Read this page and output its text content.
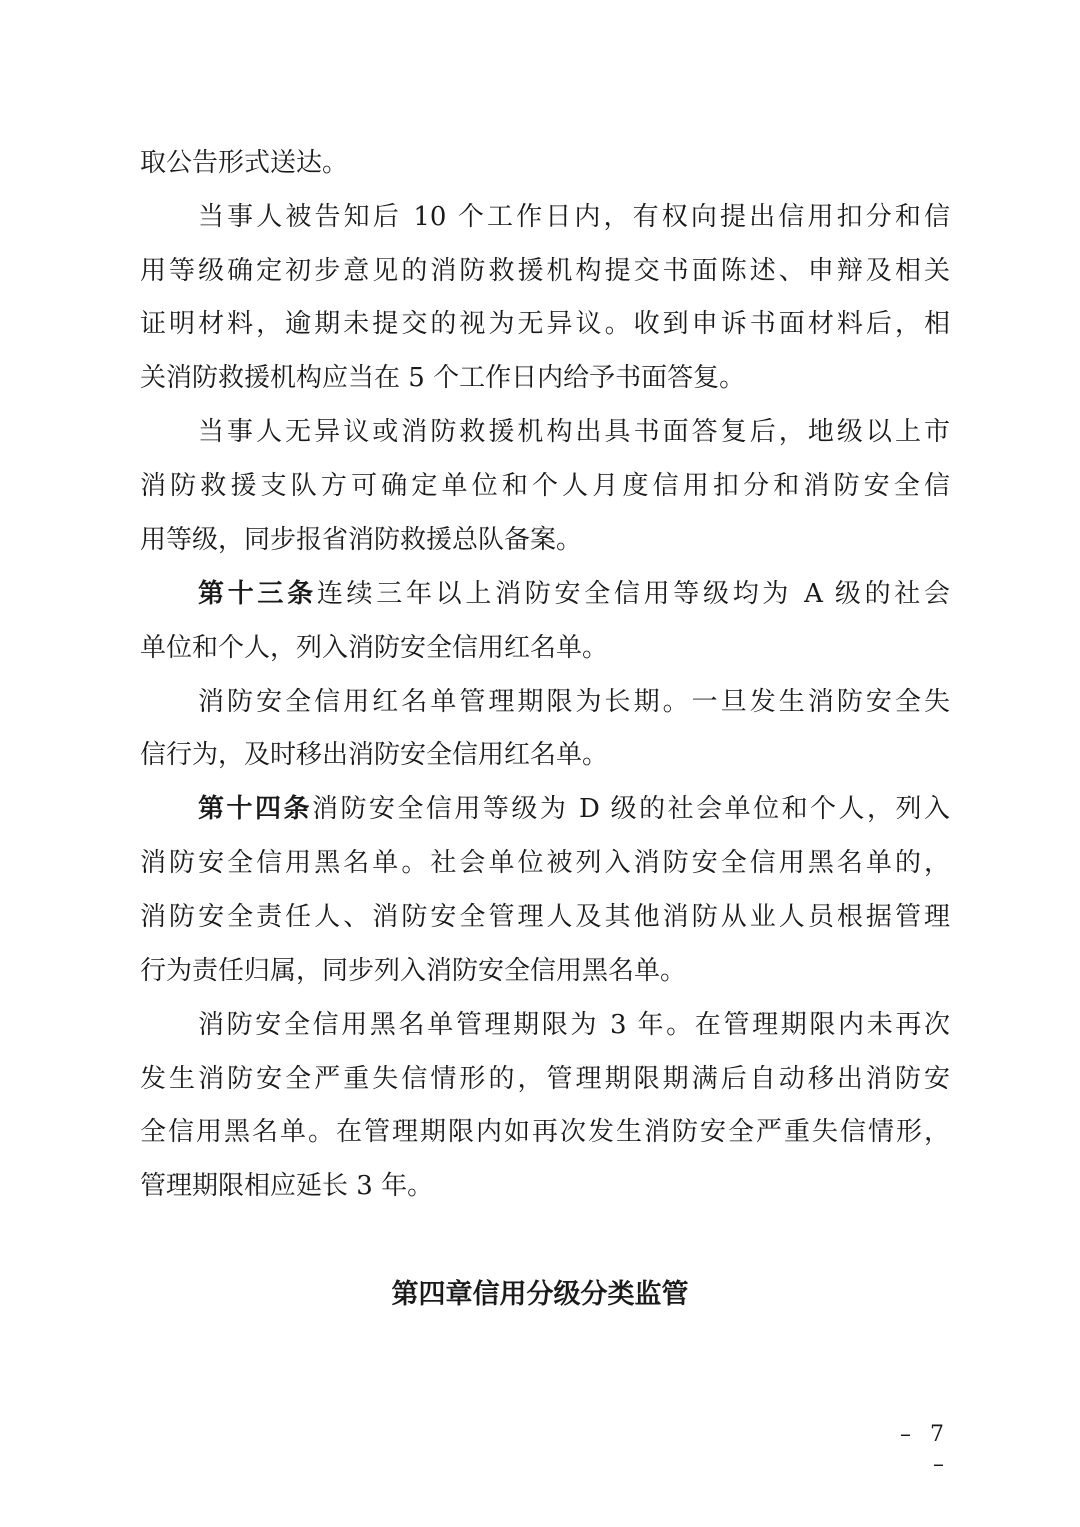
取公告形式送达。
当事人被告知后 10 个工作日内，有权向提出信用扣分和信
用等级确定初步意见的消防救援机构提交书面陈述、申辩及相关
证明材料，逾期未提交的视为无异议。收到申诉书面材料后，相
关消防救援机构应当在 5 个工作日内给予书面答复。
当事人无异议或消防救援机构出具书面答复后，地级以上市
消防救援支队方可确定单位和个人月度信用扣分和消防安全信
用等级，同步报省消防救援总队备案。
第十三条连续三年以上消防安全信用等级均为 A 级的社会
单位和个人，列入消防安全信用红名单。
消防安全信用红名单管理期限为长期。一旦发生消防安全失
信行为，及时移出消防安全信用红名单。
第十四条消防安全信用等级为 D 级的社会单位和个人，列入
消防安全信用黑名单。社会单位被列入消防安全信用黑名单的，
消防安全责任人、消防安全管理人及其他消防从业人员根据管理
行为责任归属，同步列入消防安全信用黑名单。
消防安全信用黑名单管理期限为 3 年。在管理期限内未再次
发生消防安全严重失信情形的，管理期限期满后自动移出消防安
全信用黑名单。在管理期限内如再次发生消防安全严重失信情形，
管理期限相应延长 3 年。
第四章信用分级分类监管
– 7 –
